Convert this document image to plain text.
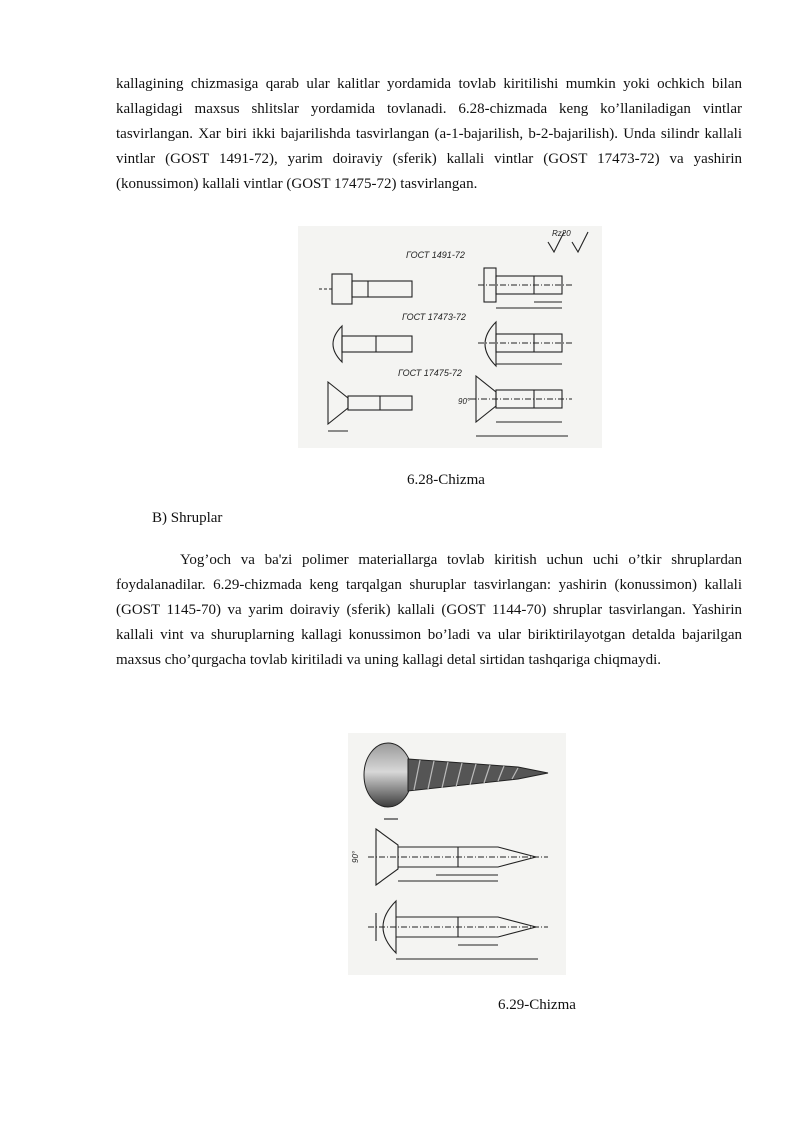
kallagining chizmasiga qarab ular kalitlar yordamida tovlab kiritilishi mumkin yoki ochkich bilan kallagidagi maxsus shlitslar yordamida tovlanadi. 6.28-chizmada keng ko’llaniladigan vintlar tasvirlangan. Xar biri ikki bajarilishda tasvirlangan (a-1-bajarilish, b-2-bajarilish). Unda silindr kallali vintlar (GOST 1491-72), yarim doiraviy (sferik) kallali vintlar (GOST 17473-72) va yashirin (konussimon) kallali vintlar (GOST 17475-72) tasvirlangan.

ГОСТ 1491-72
ГОСТ 17473-72
ГОСТ 17475-72
Rz20
90°

6.28-Chizma

B) Shruplar

Yog’och va ba'zi polimer materiallarga tovlab kiritish uchun uchi o’tkir shruplardan foydalanadilar. 6.29-chizmada keng tarqalgan shuruplar tasvirlangan: yashirin (konussimon) kallali (GOST 1145-70) va yarim doiraviy (sferik) kallali (GOST 1144-70) shruplar tasvirlangan. Yashirin kallali vint va shuruplarning kallagi konussimon bo’ladi va ular biriktirilayotgan detalda bajarilgan maxsus cho’qurgacha tovlab kiritiladi va uning kallagi detal sirtidan tashqariga chiqmaydi.

90°

6.29-Chizma
